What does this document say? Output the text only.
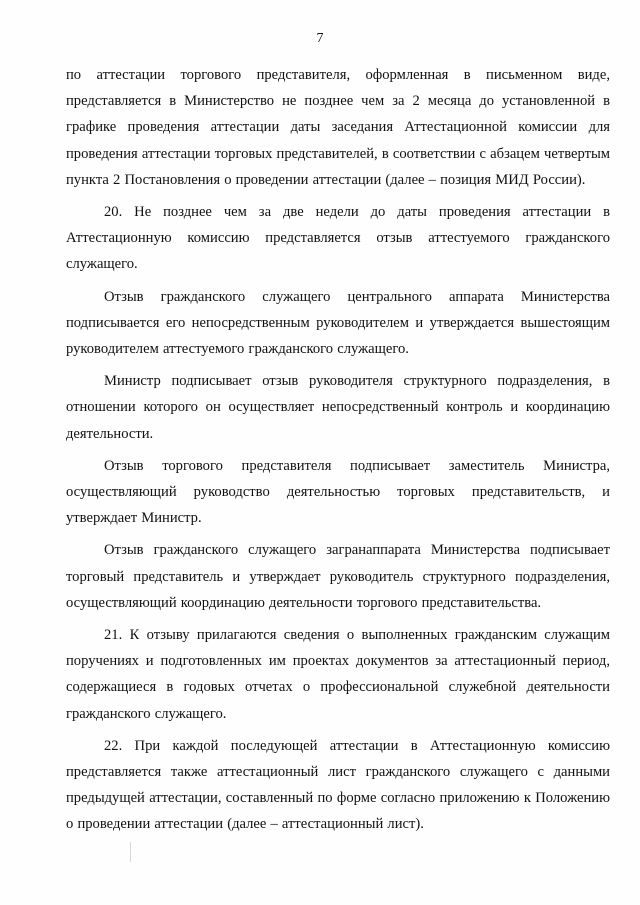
7

по аттестации торгового представителя, оформленная в письменном виде, представляется в Министерство не позднее чем за 2 месяца до установленной в графике проведения аттестации даты заседания Аттестационной комиссии для проведения аттестации торговых представителей, в соответствии с абзацем четвертым пункта 2 Постановления о проведении аттестации (далее – позиция МИД России).

20. Не позднее чем за две недели до даты проведения аттестации в Аттестационную комиссию представляется отзыв аттестуемого гражданского служащего.

Отзыв гражданского служащего центрального аппарата Министерства подписывается его непосредственным руководителем и утверждается вышестоящим руководителем аттестуемого гражданского служащего.

Министр подписывает отзыв руководителя структурного подразделения, в отношении которого он осуществляет непосредственный контроль и координацию деятельности.

Отзыв торгового представителя подписывает заместитель Министра, осуществляющий руководство деятельностью торговых представительств, и утверждает Министр.

Отзыв гражданского служащего загранаппарата Министерства подписывает торговый представитель и утверждает руководитель структурного подразделения, осуществляющий координацию деятельности торгового представительства.

21. К отзыву прилагаются сведения о выполненных гражданским служащим поручениях и подготовленных им проектах документов за аттестационный период, содержащиеся в годовых отчетах о профессиональной служебной деятельности гражданского служащего.

22. При каждой последующей аттестации в Аттестационную комиссию представляется также аттестационный лист гражданского служащего с данными предыдущей аттестации, составленный по форме согласно приложению к Положению о проведении аттестации (далее – аттестационный лист).
